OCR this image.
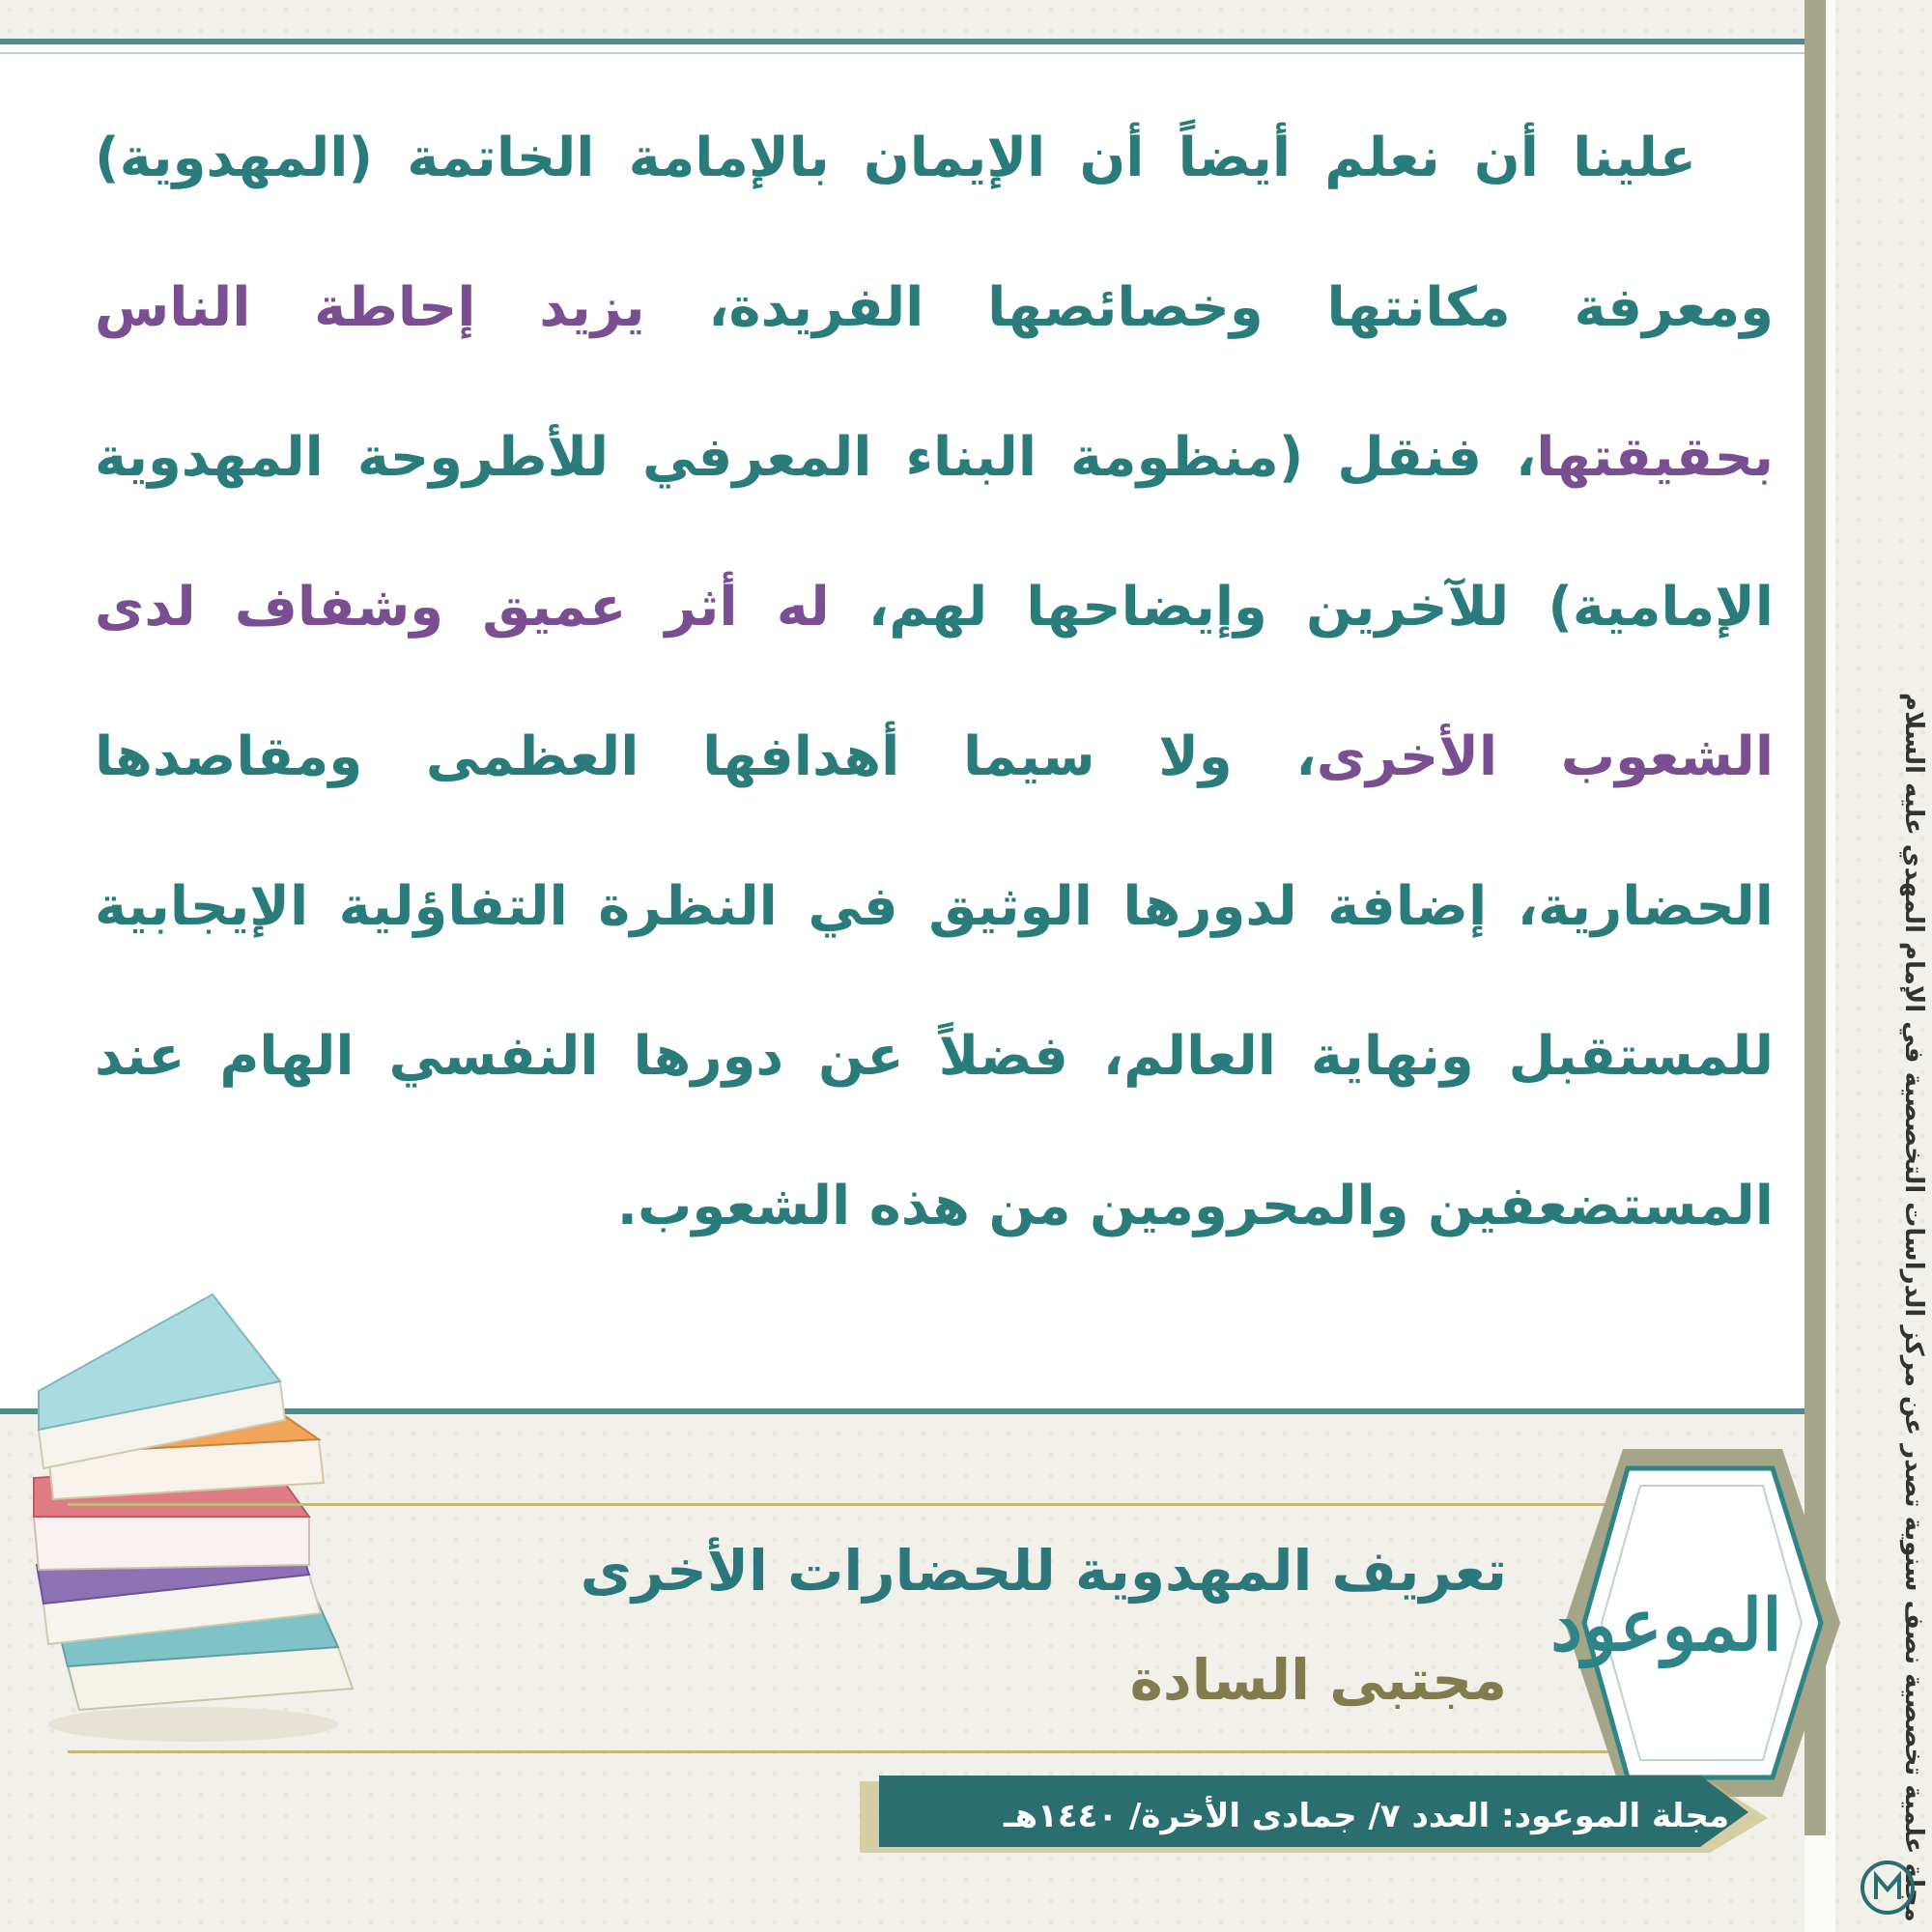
مجلة علمية تخصصية نصف سنوية تصدر عن مركز الدراسات التخصصية في الإمام المهدي عليه السلام
علينا أن نعلم أيضاً أن الإيمان بالإمامة الخاتمة (المهدوية) ومعرفة مكانتها وخصائصها الفريدة، يزيد إحاطة الناس بحقيقتها، فنقل (منظومة البناء المعرفي للأطروحة المهدوية الإمامية) للآخرين وإيضاحها لهم، له أثر عميق وشفاف لدى الشعوب الأخرى، ولا سيما أهدافها العظمى ومقاصدها الحضارية، إضافة لدورها الوثيق في النظرة التفاؤلية الإيجابية للمستقبل ونهاية العالم، فضلاً عن دورها النفسي الهام عند المستضعفين والمحرومين من هذه الشعوب.
تعريف المهدوية للحضارات الأخرى
مجتبى السادة
الموعود
مجلة الموعود: العدد ٧/ جمادى الأخرة/ ١٤٤٠هـ
